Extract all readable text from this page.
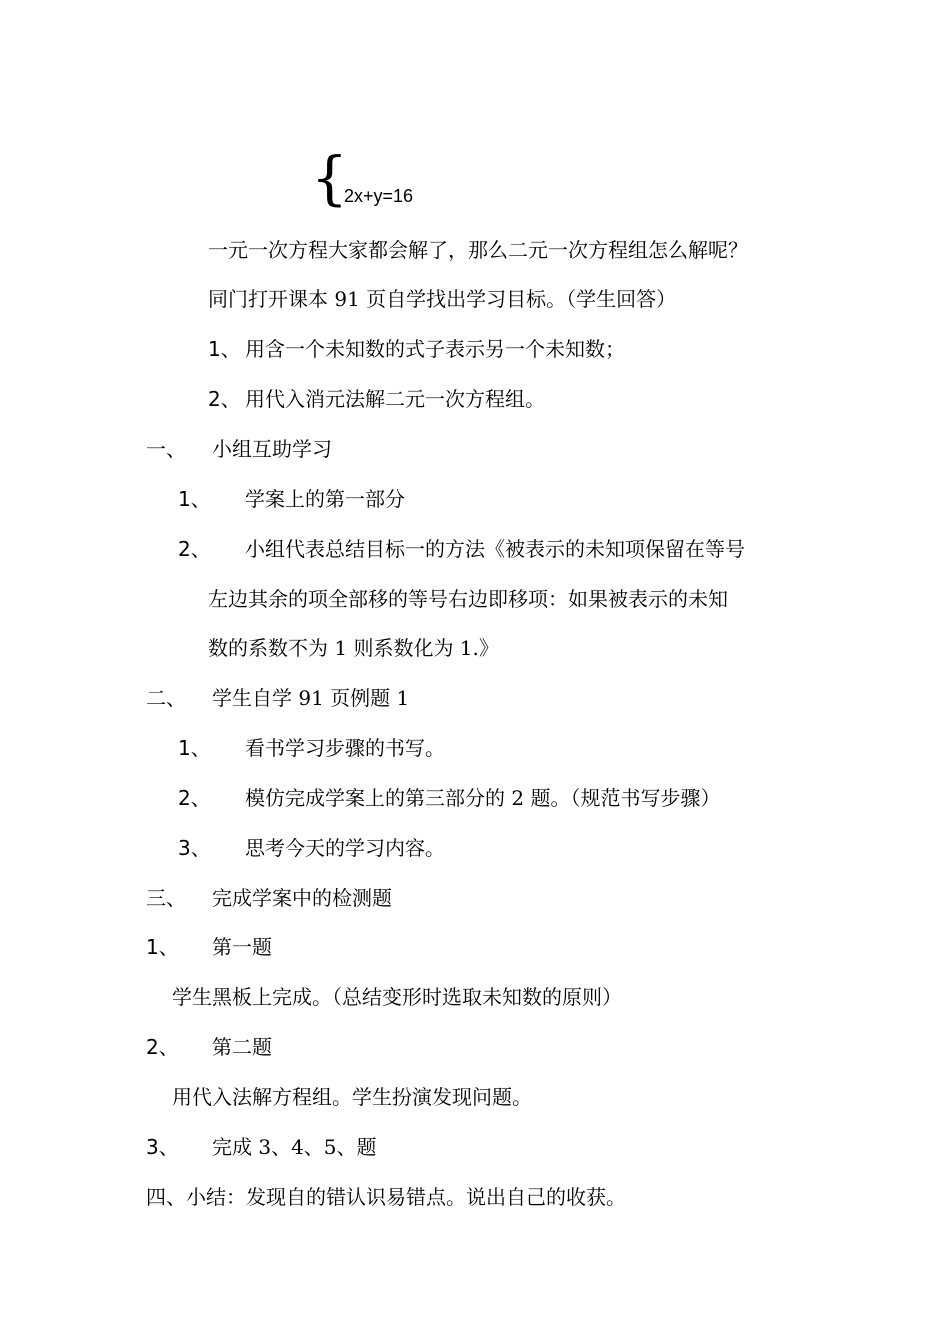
{
2x+y=16
一元一次方程大家都会解了，那么二元一次方程组怎么解呢？
同门打开课本 91 页自学找出学习目标。（学生回答）
1、 用含一个未知数的式子表示另一个未知数；
2、 用代入消元法解二元一次方程组。
一、 小组互助学习
1、 学案上的第一部分
2、 小组代表总结目标一的方法《被表示的未知项保留在等号
左边其余的项全部移的等号右边即移项：如果被表示的未知
数的系数不为 1 则系数化为 1.》
二、 学生自学 91 页例题 1
1、 看书学习步骤的书写。
2、 模仿完成学案上的第三部分的 2 题。（规范书写步骤）
3、 思考今天的学习内容。
三、 完成学案中的检测题
1、 第一题
学生黑板上完成。（总结变形时选取未知数的原则）
2、 第二题
用代入法解方程组。学生扮演发现问题。
3、 完成 3、4、5、题
四、小结：发现自的错认识易错点。说出自己的收获。
